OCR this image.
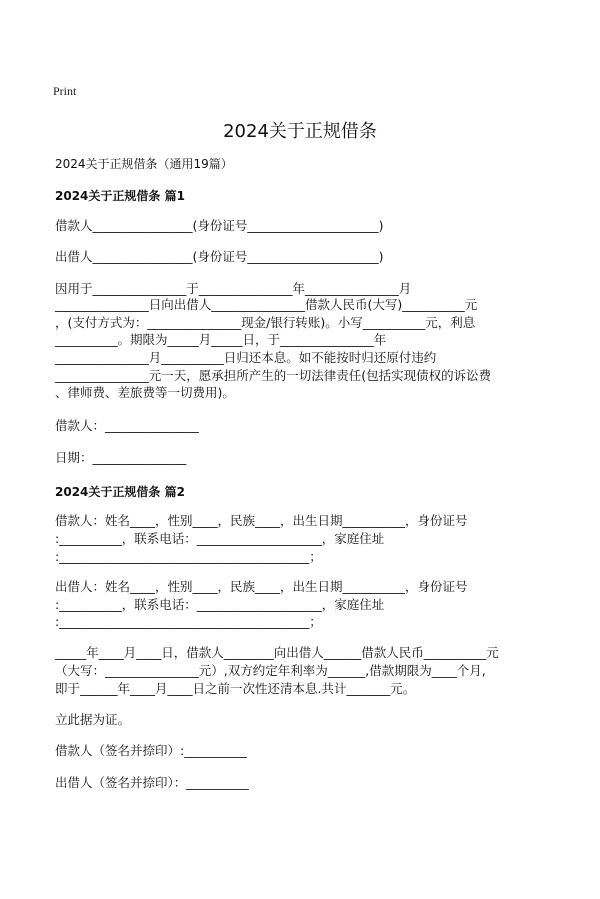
Print
2024关于正规借条
2024关于正规借条（通用19篇）
2024关于正规借条 篇1
借款人________________(身份证号_____________________)
出借人________________(身份证号_____________________)
因用于_______________于_______________年_______________月
_______________日向出借人_______________借款人民币(大写)__________元
，(支付方式为：_______________现金/银行转账)。小写__________元，利息
__________。期限为_____月_____日，于_______________年
_______________月__________日归还本息。如不能按时归还原付违约
_______________元一天，愿承担所产生的一切法律责任(包括实现债权的诉讼费
、律师费、差旅费等一切费用)。
借款人：_______________
日期：_______________
2024关于正规借条 篇2
借款人：姓名____，性别____，民族____，出生日期__________，身份证号
:__________，联系电话：____________________，家庭住址
:________________________________________；
出借人：姓名____，性别____，民族____，出生日期__________，身份证号
:__________，联系电话：____________________，家庭住址
:________________________________________；
_____年____月____日，借款人________向出借人______借款人民币__________元
（大写：_______________元）,双方约定年利率为______,借款期限为____个月,
即于______年____月____日之前一次性还清本息.共计_______元。
立此据为证。
借款人（签名并捺印）:__________
出借人（签名并捺印）：__________
